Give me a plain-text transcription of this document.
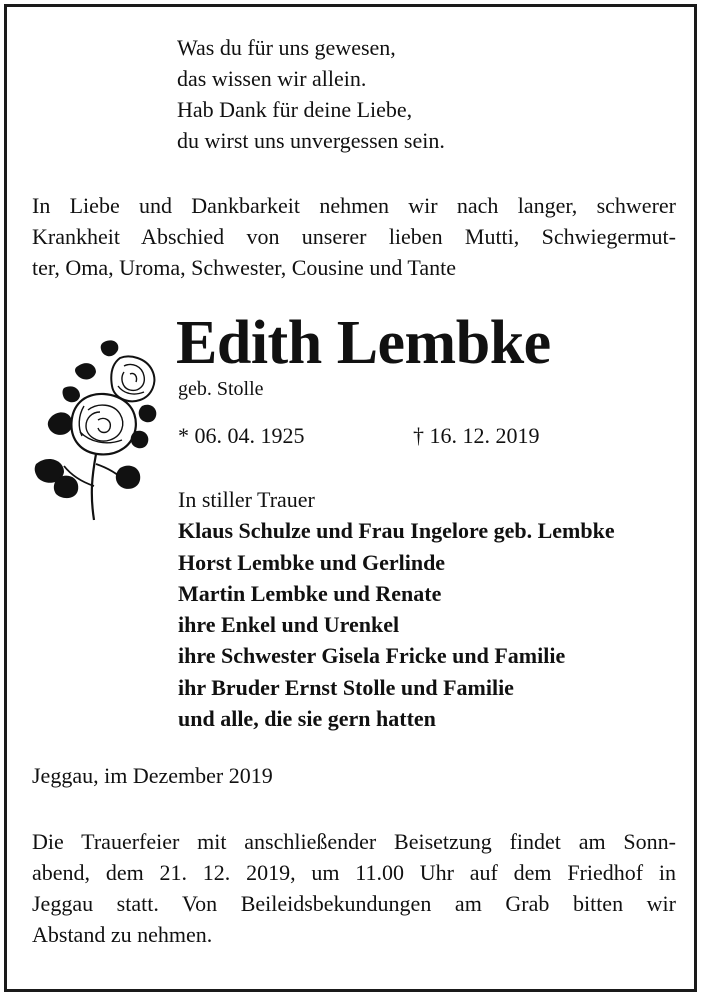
Was du für uns gewesen,
das wissen wir allein.
Hab Dank für deine Liebe,
du wirst uns unvergessen sein.
In Liebe und Dankbarkeit nehmen wir nach langer, schwerer
Krankheit Abschied von unserer lieben Mutti, Schwiegermut-
ter, Oma, Uroma, Schwester, Cousine und Tante
Edith Lembke
geb. Stolle
* 06. 04. 1925	† 16. 12. 2019
In stiller Trauer
Klaus Schulze und Frau Ingelore geb. Lembke
Horst Lembke und Gerlinde
Martin Lembke und Renate
ihre Enkel und Urenkel
ihre Schwester Gisela Fricke und Familie
ihr Bruder Ernst Stolle und Familie
und alle, die sie gern hatten
Jeggau, im Dezember 2019
Die Trauerfeier mit anschließender Beisetzung findet am Sonn-
abend, dem 21. 12. 2019, um 11.00 Uhr auf dem Friedhof in
Jeggau statt. Von Beileidsbekundungen am Grab bitten wir
Abstand zu nehmen.
